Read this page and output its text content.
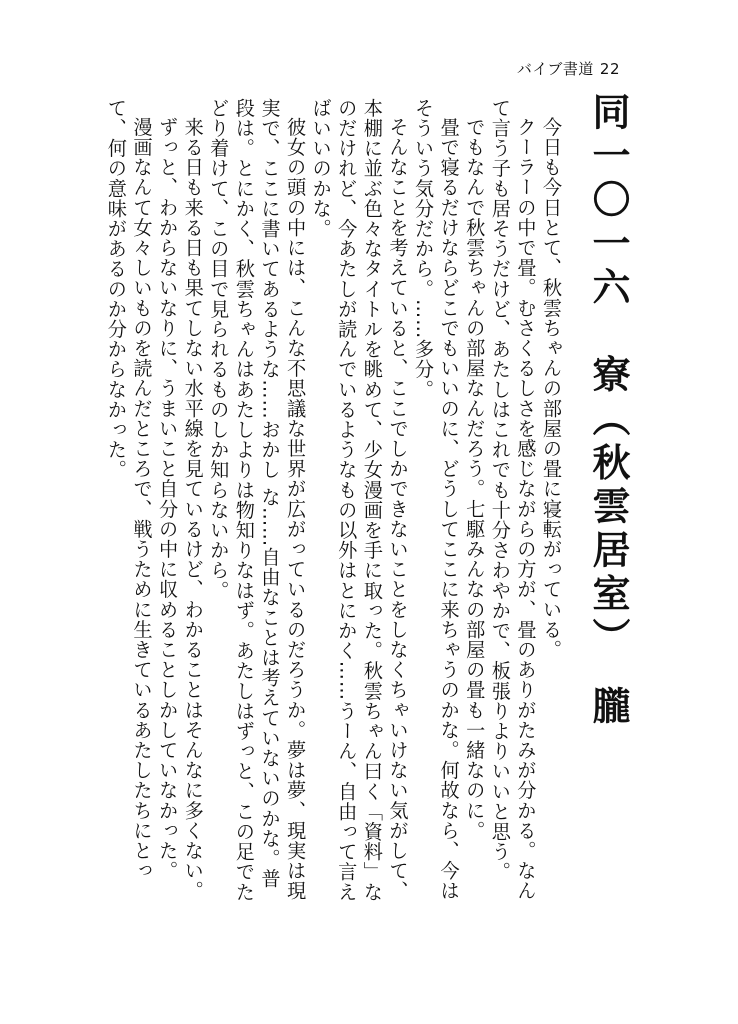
バイブ書道 22
同一〇一六　寮（秋雲居室）　朧

今日も今日とて、秋雲ちゃんの部屋の畳に寝転がっている。

クーラーの中で畳。むさくるしさを感じながらの方が、畳のありがたみが分かる。なんて言う子も居そうだけど、あたしはこれでも十分さわやかで、板張りよりいいと思う。

でもなんで秋雲ちゃんの部屋なんだろう。七駆みんなの部屋の畳も一緒なのに。

畳で寝るだけならどこでもいいのに、どうしてここに来ちゃうのかな。何故なら、今はそういう気分だから。……多分。

そんなことを考えていると、ここでしかできないことをしなくちゃいけない気がして、本棚に並ぶ色々なタイトルを眺めて、少女漫画を手に取った。秋雲ちゃん曰く「資料」なのだけれど、今あたしが読んでいるようなもの以外はとにかく……うーん、自由って言えばいいのかな。

彼女の頭の中には、こんな不思議な世界が広がっているのだろうか。夢は夢、現実は現実で、ここに書いてあるような……おかし な……自由なことは考えていないのかな。普段は。とにかく、秋雲ちゃんはあたしよりは物知りなはず。あたしはずっと、この足でたどり着けて、この目で見られるものしか知らないから。

来る日も来る日も果てしない水平線を見ているけど、わかることはそんなに多くない。

ずっと、わからないなりに、うまいこと自分の中に収めることしかしていなかった。

漫画なんて女々しいものを読んだところで、戦うために生きているあたしたちにとって、何の意味があるのか分からなかった。
